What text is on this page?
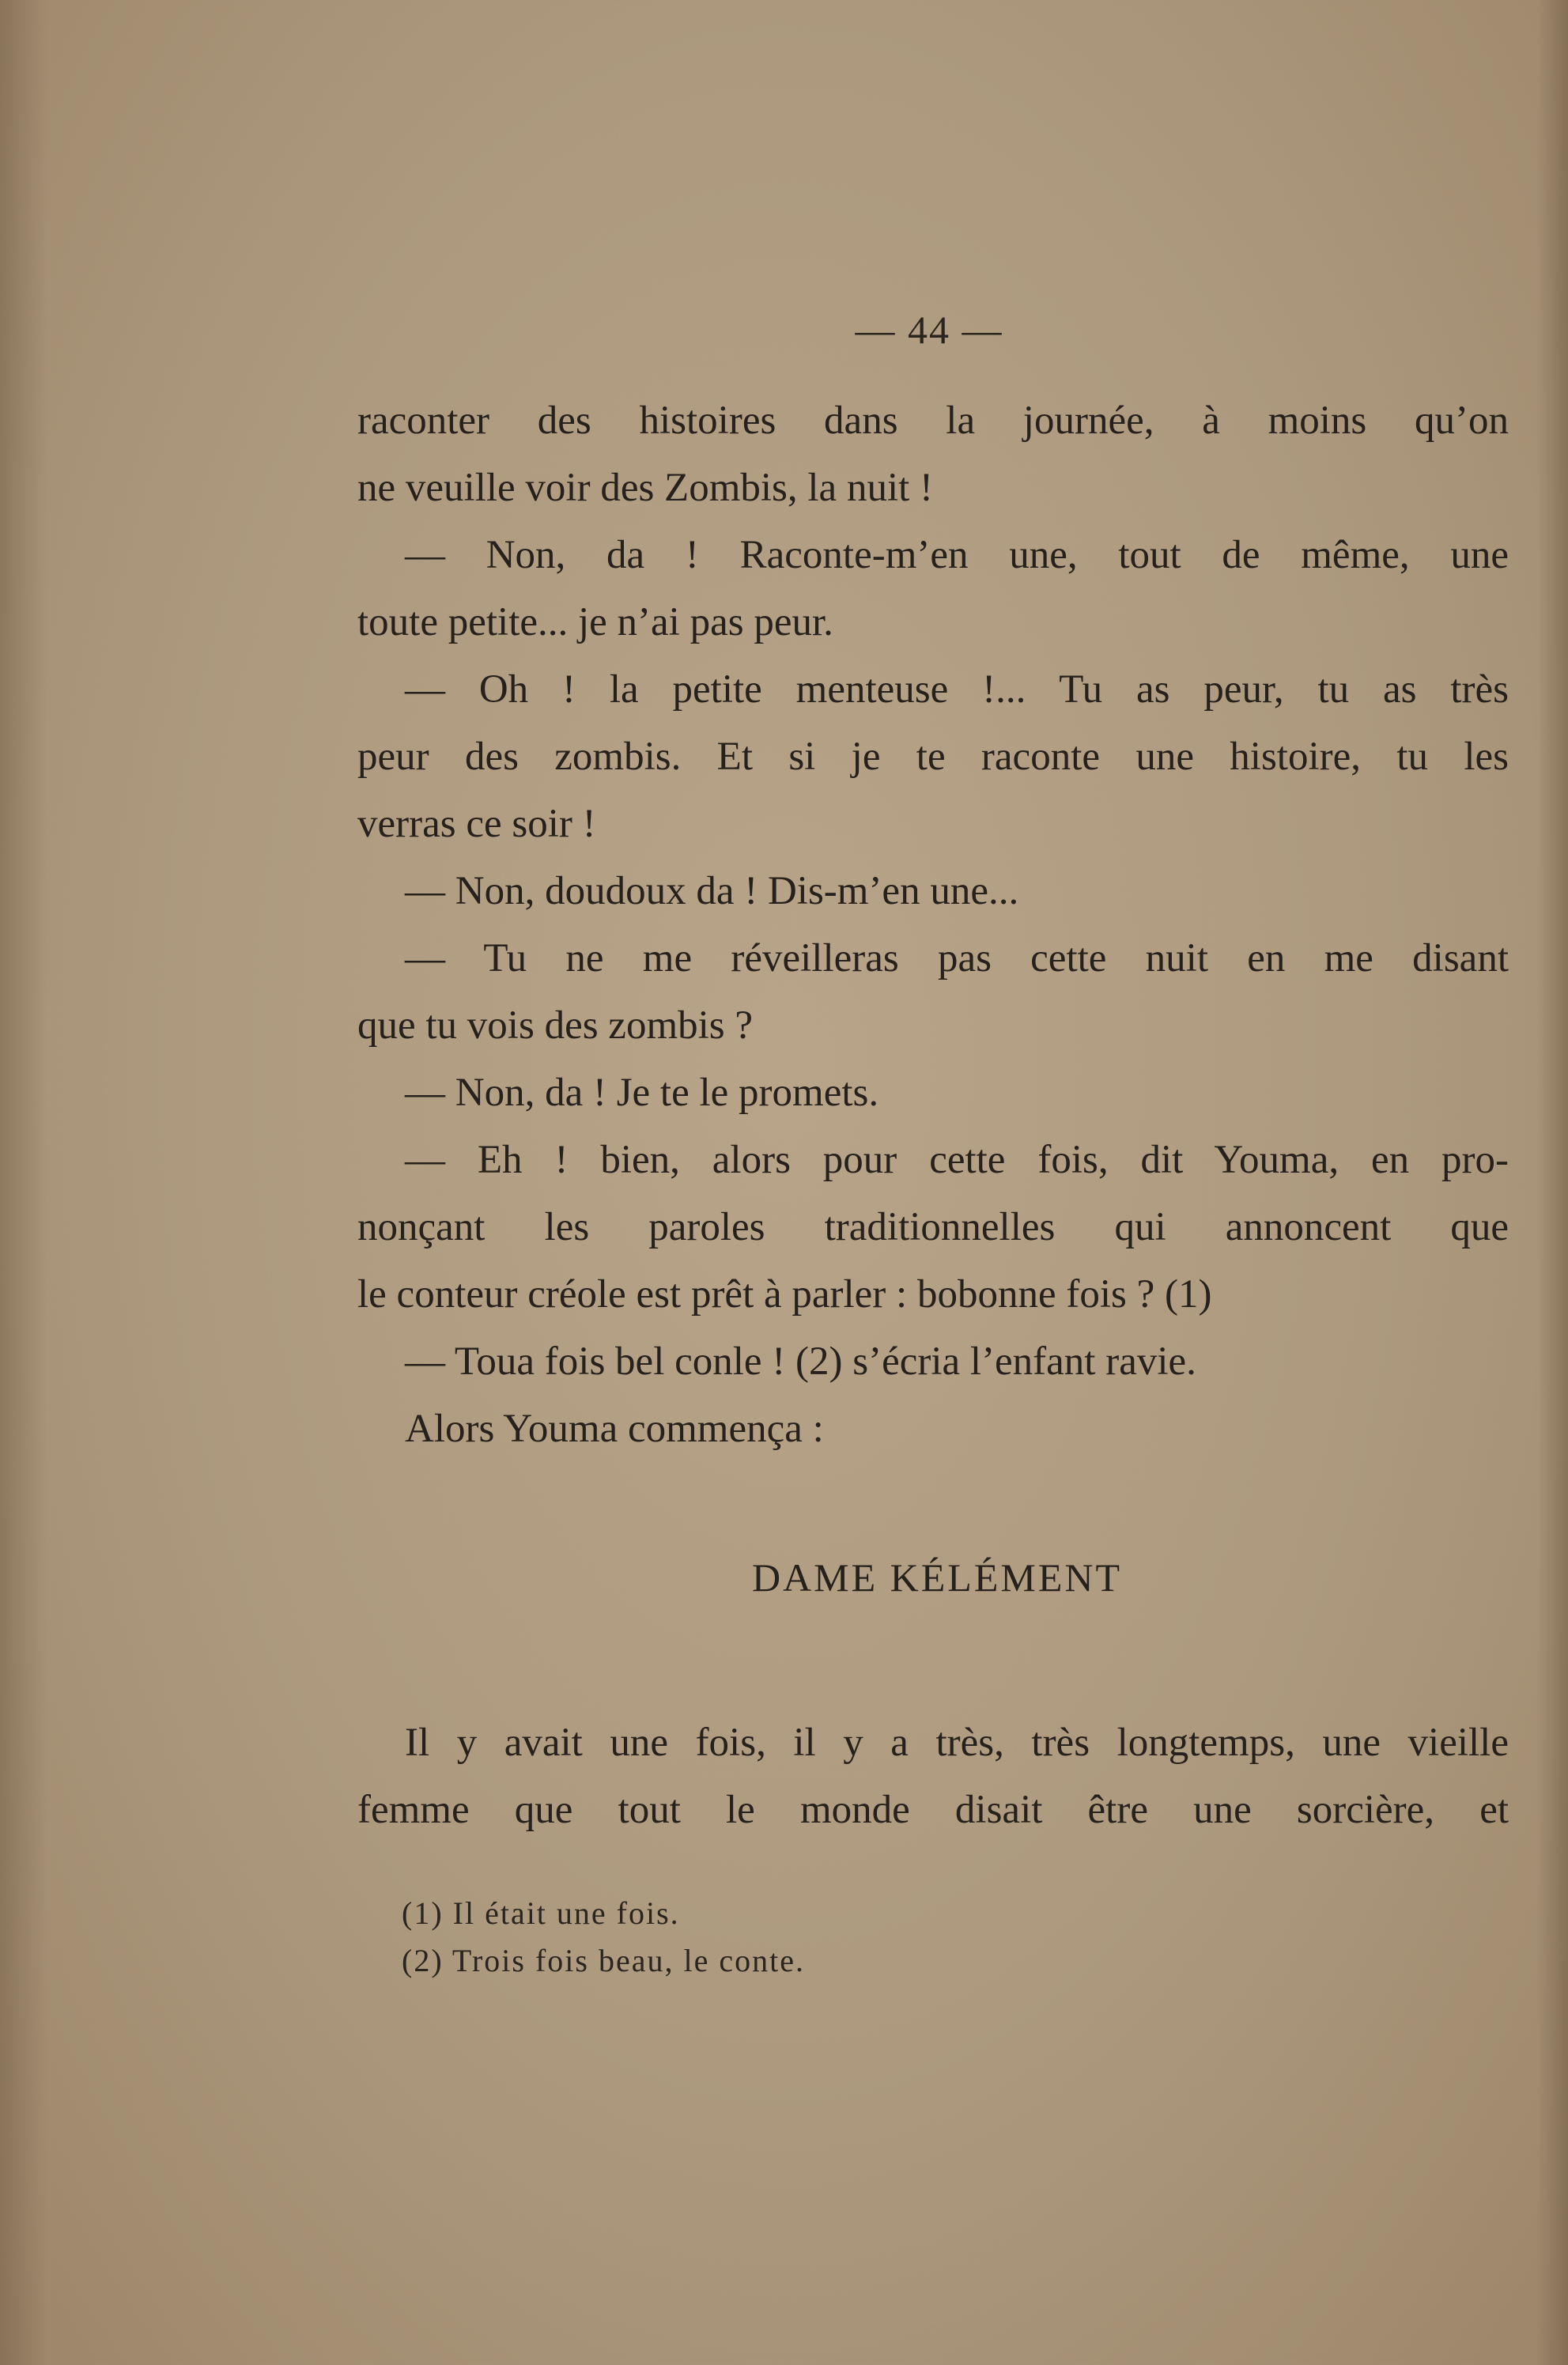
— 44 —
raconter des histoires dans la journée, à moins qu’on
ne veuille voir des Zombis, la nuit !
— Non, da ! Raconte-m’en une, tout de même, une
toute petite... je n’ai pas peur.
— Oh ! la petite menteuse !... Tu as peur, tu as très
peur des zombis. Et si je te raconte une histoire, tu les
verras ce soir !
— Non, doudoux da ! Dis-m’en une...
— Tu ne me réveilleras pas cette nuit en me disant
que tu vois des zombis ?
— Non, da ! Je te le promets.
— Eh ! bien, alors pour cette fois, dit Youma, en pro-
nonçant les paroles traditionnelles qui annoncent que
le conteur créole est prêt à parler : bobonne fois ? (1)
— Toua fois bel conle ! (2) s’écria l’enfant ravie.
Alors Youma commença :
DAME KÉLÉMENT
Il y avait une fois, il y a très, très longtemps, une vieille
femme que tout le monde disait être une sorcière, et
(1) Il était une fois.
(2) Trois fois beau, le conte.
